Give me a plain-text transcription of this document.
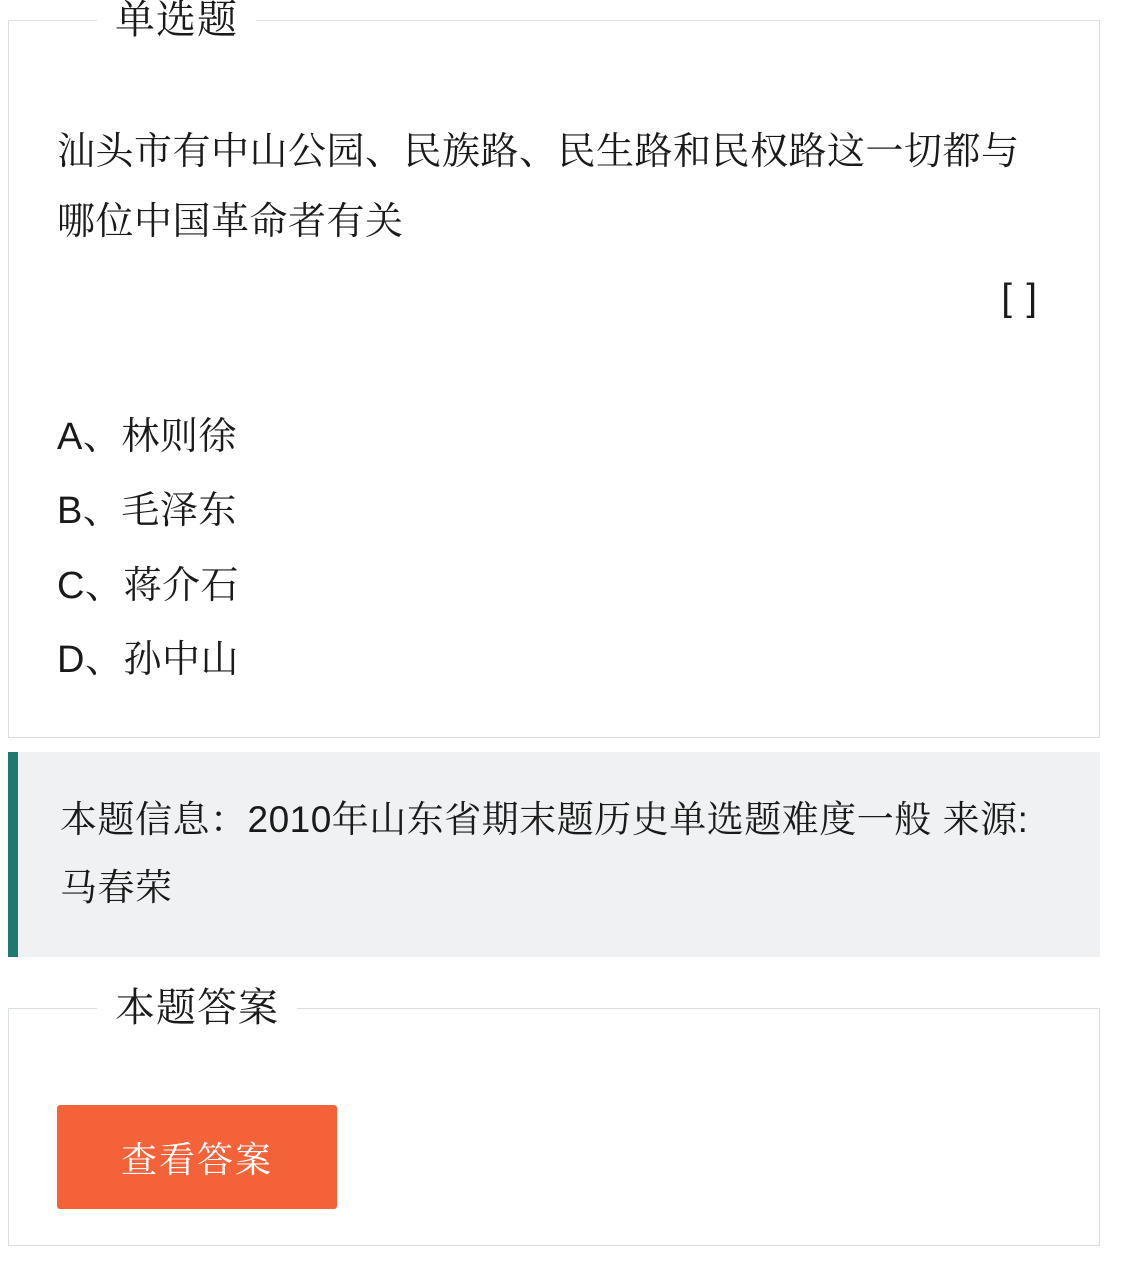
单选题
汕头市有中山公园、民族路、民生路和民权路这一切都与哪位中国革命者有关
[ ]
A、林则徐
B、毛泽东
C、蒋介石
D、孙中山
本题信息：2010年山东省期末题历史单选题难度一般 来源:马春荣
本题答案
查看答案
